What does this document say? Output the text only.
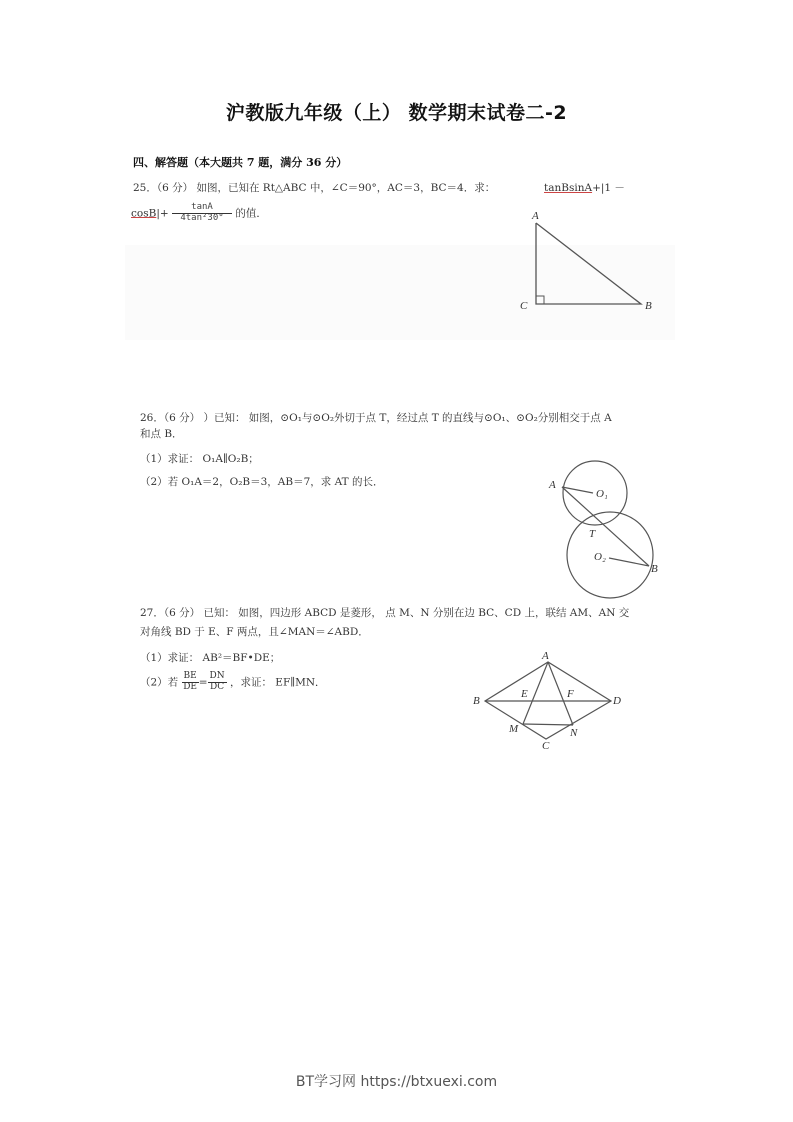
沪教版九年级（上） 数学期末试卷二-2
四、解答题（本大题共 7 题，满分 36 分）
25．（6 分） 如图，已知在 Rt△ABC 中，∠C＝90°，AC＝3，BC＝4．求：	tanBsinA+|1 －
$\cos B|+ \frac{\tan A}{\text{4tan²30°}}$ 的值．	A
C	B
26．（6 分） ）已知： 如图，⊙O₁与⊙O₂外切于点 T，经过点 T 的直线与⊙O₁、⊙O₂分别相交于点 A
和点 B．
（1）求证： O₁A∥O₂B；
（2）若 O₁A＝2，O₂B＝3，AB＝7，求 AT 的长．	A
O₁
T
O₂
B
27．（6 分） 已知： 如图，四边形 ABCD 是菱形， 点 M、N 分别在边 BC、CD 上，联结 AM、AN 交
对角线 BD 于 E、F 两点，且∠MAN＝∠ABD．
（1）求证： AB²＝BF•DE；
（2）若 $\frac{BE}{DE} = \frac{DN}{DC}$ ，求证： EF∥MN．
A
B
E	F
D
M	N
C
BT学习网 https://btxuexi.com
